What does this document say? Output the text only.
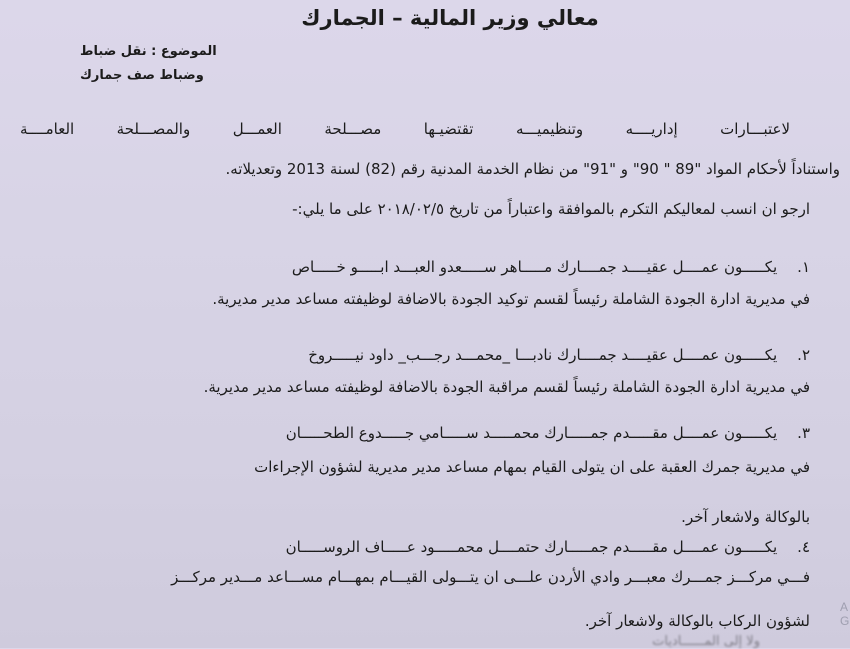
معالي وزير المالية – الجمارك
الموضوع : نقل ضباط
وضباط صف جمارك
لاعتبـــارات إداريــــه وتنظيميـــه تقتضيـها مصـــلحة العمـــل والمصـــلحة العامــــة
واستناداً لأحكام المواد "89 " 90" و "91" من نظام الخدمة المدنية رقم (82) لسنة 2013 وتعديلاته.
ارجو ان انسب لمعاليكم التكرم بالموافقة واعتباراً من تاريخ ٢٠١٨/٠٢/٥ على ما يلي:-
١. يكـــــون عمــــل عقيــــد جمــــارك مـــــاهر ســـــعدو العبـــد ابـــــو خـــــاص
في مديرية ادارة الجودة الشاملة رئيساً لقسم توكيد الجودة بالاضافة لوظيفته مساعد مدير مديرية.
٢. يكـــــون عمــــل عقيــــد جمــــارك نادبـــا _محمـــد رجـــب_ داود نيـــــروخ
في مديرية ادارة الجودة الشاملة رئيساً لقسم مراقبة الجودة بالاضافة لوظيفته مساعد مدير مديرية.
٣. يكـــــون عمــــل مقـــــدم جمـــــارك محمـــــد ســـــامي جـــــدوع الطحـــــان
في مديرية جمرك العقبة على ان يتولى القيام بمهام مساعد مدير مديرية لشؤون الإجراءات
بالوكالة ولاشعار آخر.
٤. يكـــــون عمــــل مقـــــدم جمـــــارك حتمــــل محمـــــود عـــــاف الروســـــان
فـــي مركـــز جمـــرك معبـــر وادي الأردن علـــى ان يتـــولى القيـــام بمهـــام مســـاعد مـــدير مركـــز
لشؤون الركاب بالوكالة ولاشعار آخر.
ولا إلى المــــــاديات
A
G
